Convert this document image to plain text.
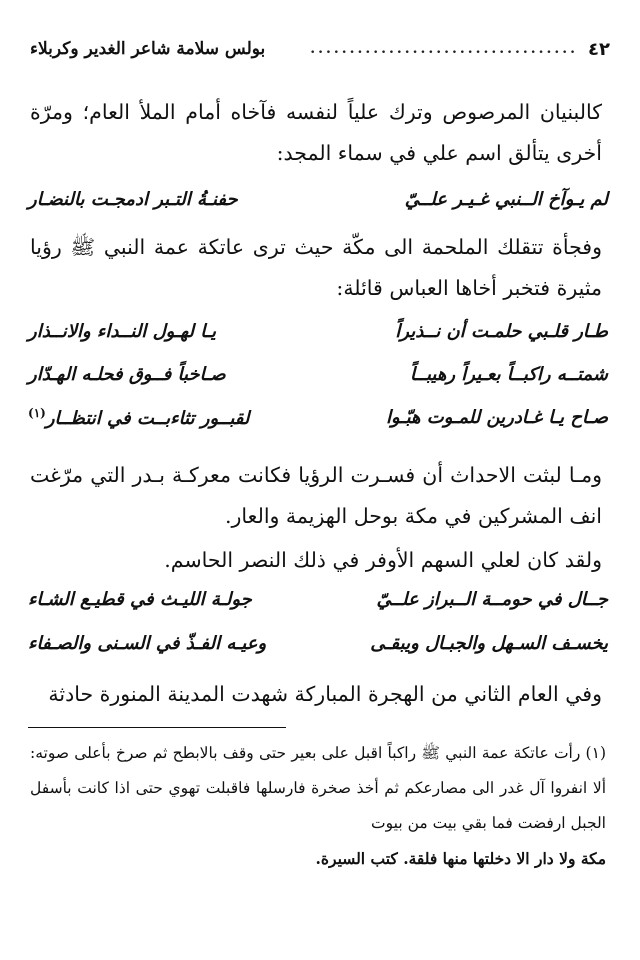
٤٢
..................................
بولس سلامة شاعر الغدير وكربلاء
كالبنيان المرصوص وترك علياً لنفسه فآخاه أمام الملأ العام؛ ومرّة أخرى يتألق اسم علي في سماء المجد:
لم يـوآخ الــنبي غـيـر علــيّ
حفنـةُ التـبر ادمجـت بالنضـار
وفجأة تتقلك الملحمة الى مكّة حيث ترى عاتكة عمة النبي ﷺ رؤيا مثيرة فتخبر أخاها العباس قائلة:
طـار قلـبي حلمـت أن نــذيراً
يـا لهـول النــداء والانــذار
شمتــه راكبــاً بعـيراً رهيبــاً
صـاخباً فــوق فحلـه الهـدّار
صـاح يـا غـادرين للمـوت هبّـوا
لقبــور تثاءبــت في انتظــار$^{(١)}$
ومـا لبثت الاحداث أن فسـرت الرؤيا فكانت معركـة بـدر التي مرّغت انف المشركين في مكة بوحل الهزيمة والعار.
ولقد كان لعلي السهم الأوفر في ذلك النصر الحاسم.
جــال في حومــة الــبراز علــيّ
جولـة الليـث في قطيـع الشـاء
يخسـف السـهل والجبـال ويبقـى
وعيـه الفـذّ في السـنى والصـفاء
وفي العام الثاني من الهجرة المباركة شهدت المدينة المنورة حادثة
(١) رأت عاتكة عمة النبي ﷺ راكباً اقبل على بعير حتى وقف بالابطح ثم صرخ بأعلى صوته: ألا انفروا آل غدر الى مصارعكم ثم أخذ صخرة فارسلها فاقبلت تهوي حتى اذا كانت بأسفل الجبل ارفضت فما بقي بيت من بيوت
مكة ولا دار الا دخلتها منها فلقة. كتب السيرة.
